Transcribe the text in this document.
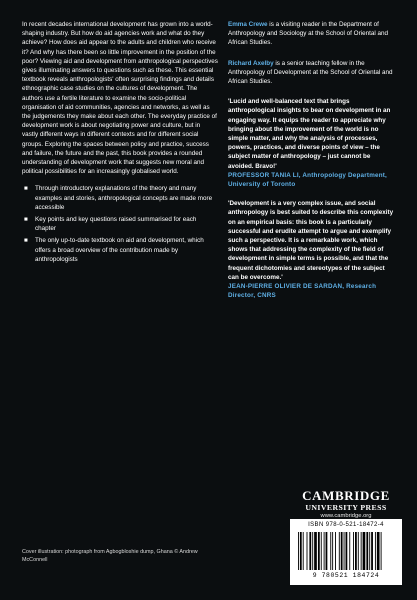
In recent decades international development has grown into a world-shaping industry. But how do aid agencies work and what do they achieve? How does aid appear to the adults and children who receive it? And why has there been so little improvement in the position of the poor? Viewing aid and development from anthropological perspectives gives illuminating answers to questions such as these. This essential textbook reveals anthropologists' often surprising findings and details ethnographic case studies on the cultures of development. The authors use a fertile literature to examine the socio-political organisation of aid communities, agencies and networks, as well as the judgements they make about each other. The everyday practice of development work is about negotiating power and culture, but in vastly different ways in different contexts and for different social groups. Exploring the spaces between policy and practice, success and failure, the future and the past, this book provides a rounded understanding of development work that suggests new moral and political possibilities for an increasingly globalised world.

■ Through introductory explanations of the theory and many examples and stories, anthropological concepts are made more accessible
■ Key points and key questions raised summarised for each chapter
■ The only up-to-date textbook on aid and development, which offers a broad overview of the contribution made by anthropologists

Emma Crewe is a visiting reader in the Department of Anthropology and Sociology at the School of Oriental and African Studies.

Richard Axelby is a senior teaching fellow in the Anthropology of Development at the School of Oriental and African Studies.

'Lucid and well-balanced text that brings anthropological insights to bear on development in an engaging way. It equips the reader to appreciate why bringing about the improvement of the world is no simple matter, and why the analysis of processes, powers, practices, and diverse points of view – the subject matter of anthropology – just cannot be avoided. Bravo!'
PROFESSOR TANIA LI, Anthropology Department, University of Toronto
'Development is a very complex issue, and social anthropology is best suited to describe this complexity on an empirical basis: this book is a particularly successful and erudite attempt to argue and exemplify such a perspective. It is a remarkable work, which shows that addressing the complexity of the field of development in simple terms is possible, and that the frequent dichotomies and stereotypes of the subject can be overcome.'
JEAN-PIERRE OLIVIER DE SARDAN, Research Director, CNRS

Cover illustration: photograph from Agbogbloshie dump, Ghana © Andrew McConnell

CAMBRIDGE
UNIVERSITY PRESS
www.cambridge.org
ISBN 978-0-521-18472-4
9 780521 184724
